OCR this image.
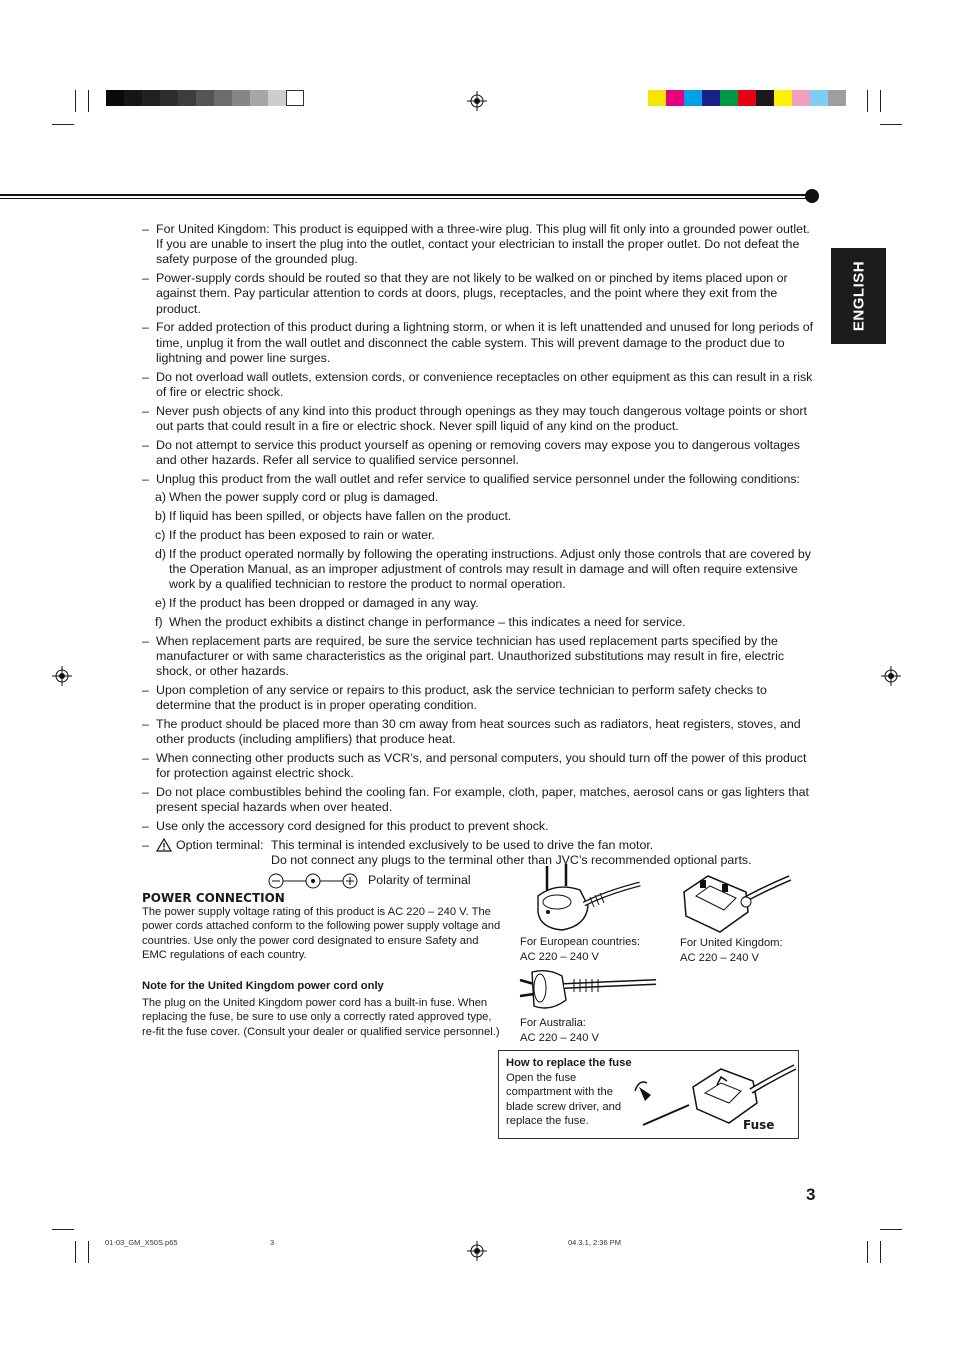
ENGLISH
– For United Kingdom: This product is equipped with a three-wire plug. This plug will fit only into a grounded power outlet. If you are unable to insert the plug into the outlet, contact your electrician to install the proper outlet. Do not defeat the safety purpose of the grounded plug.
– Power-supply cords should be routed so that they are not likely to be walked on or pinched by items placed upon or against them. Pay particular attention to cords at doors, plugs, receptacles, and the point where they exit from the product.
– For added protection of this product during a lightning storm, or when it is left unattended and unused for long periods of time, unplug it from the wall outlet and disconnect the cable system. This will prevent damage to the product due to lightning and power line surges.
– Do not overload wall outlets, extension cords, or convenience receptacles on other equipment as this can result in a risk of fire or electric shock.
– Never push objects of any kind into this product through openings as they may touch dangerous voltage points or short out parts that could result in a fire or electric shock. Never spill liquid of any kind on the product.
– Do not attempt to service this product yourself as opening or removing covers may expose you to dangerous voltages and other hazards. Refer all service to qualified service personnel.
– Unplug this product from the wall outlet and refer service to qualified service personnel under the following conditions:
a) When the power supply cord or plug is damaged.
b) If liquid has been spilled, or objects have fallen on the product.
c) If the product has been exposed to rain or water.
d) If the product operated normally by following the operating instructions. Adjust only those controls that are covered by the Operation Manual, as an improper adjustment of controls may result in damage and will often require extensive work by a qualified technician to restore the product to normal operation.
e) If the product has been dropped or damaged in any way.
f) When the product exhibits a distinct change in performance – this indicates a need for service.
– When replacement parts are required, be sure the service technician has used replacement parts specified by the manufacturer or with same characteristics as the original part. Unauthorized substitutions may result in fire, electric shock, or other hazards.
– Upon completion of any service or repairs to this product, ask the service technician to perform safety checks to determine that the product is in proper operating condition.
– The product should be placed more than 30 cm away from heat sources such as radiators, heat registers, stoves, and other products (including amplifiers) that produce heat.
– When connecting other products such as VCR’s, and personal computers, you should turn off the power of this product for protection against electric shock.
– Do not place combustibles behind the cooling fan. For example, cloth, paper, matches, aerosol cans or gas lighters that present special hazards when over heated.
– Use only the accessory cord designed for this product to prevent shock.
– Option terminal: This terminal is intended exclusively to be used to drive the fan motor.
Do not connect any plugs to the terminal other than JVC’s recommended optional parts.
Polarity of terminal
POWER CONNECTION
The power supply voltage rating of this product is AC 220 – 240 V. The power cords attached conform to the following power supply voltage and countries. Use only the power cord designated to ensure Safety and EMC regulations of each country.
Note for the United Kingdom power cord only
The plug on the United Kingdom power cord has a built-in fuse. When replacing the fuse, be sure to use only a correctly rated approved type, re-fit the fuse cover. (Consult your dealer or qualified service personnel.)
For European countries:
AC 220 – 240 V
For United Kingdom:
AC 220 – 240 V
For Australia:
AC 220 – 240 V
How to replace the fuse
Open the fuse compartment with the blade screw driver, and replace the fuse.	Fuse
3
01-03_GM_X50S.p65	3	04.3.1, 2:36 PM
